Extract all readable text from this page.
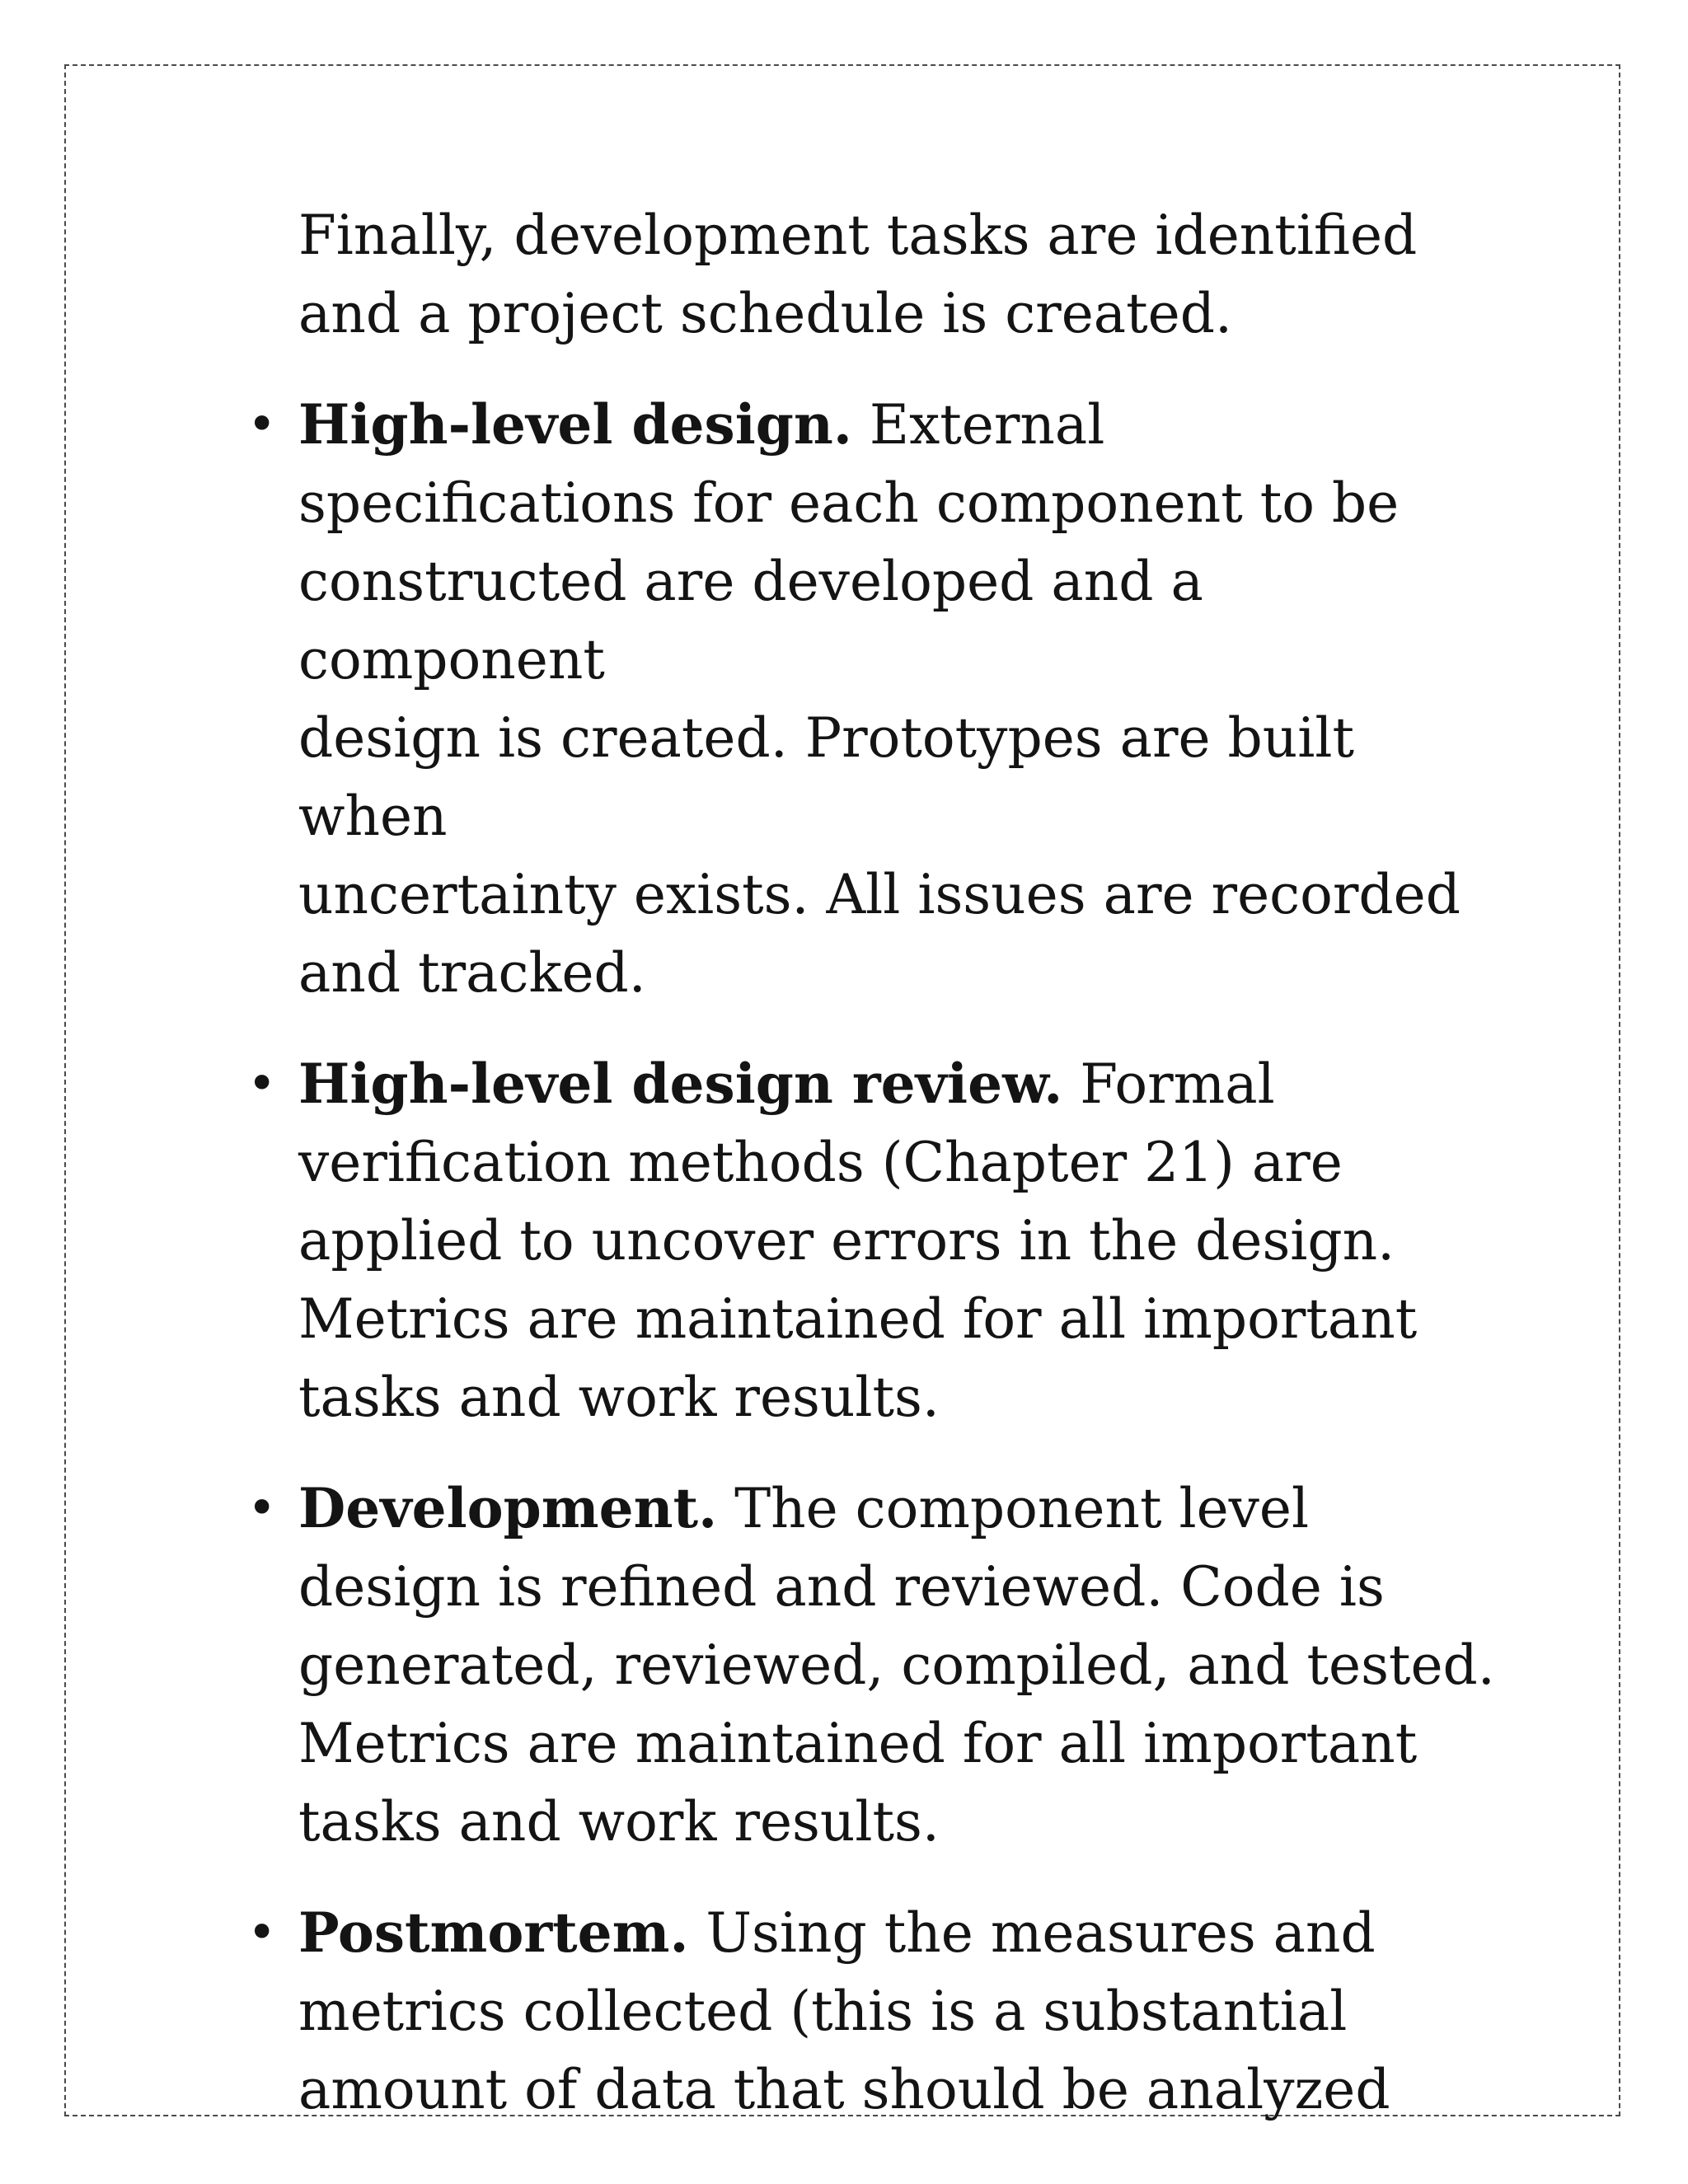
Finally, development tasks are identified
and a project schedule is created.

• High-level design. External
specifications for each component to be
constructed are developed and a component
design is created. Prototypes are built when
uncertainty exists. All issues are recorded
and tracked.
• High-level design review. Formal
verification methods (Chapter 21) are
applied to uncover errors in the design.
Metrics are maintained for all important
tasks and work results.
• Development. The component level
design is refined and reviewed. Code is
generated, reviewed, compiled, and tested.
Metrics are maintained for all important
tasks and work results.
• Postmortem. Using the measures and
metrics collected (this is a substantial
amount of data that should be analyzed
